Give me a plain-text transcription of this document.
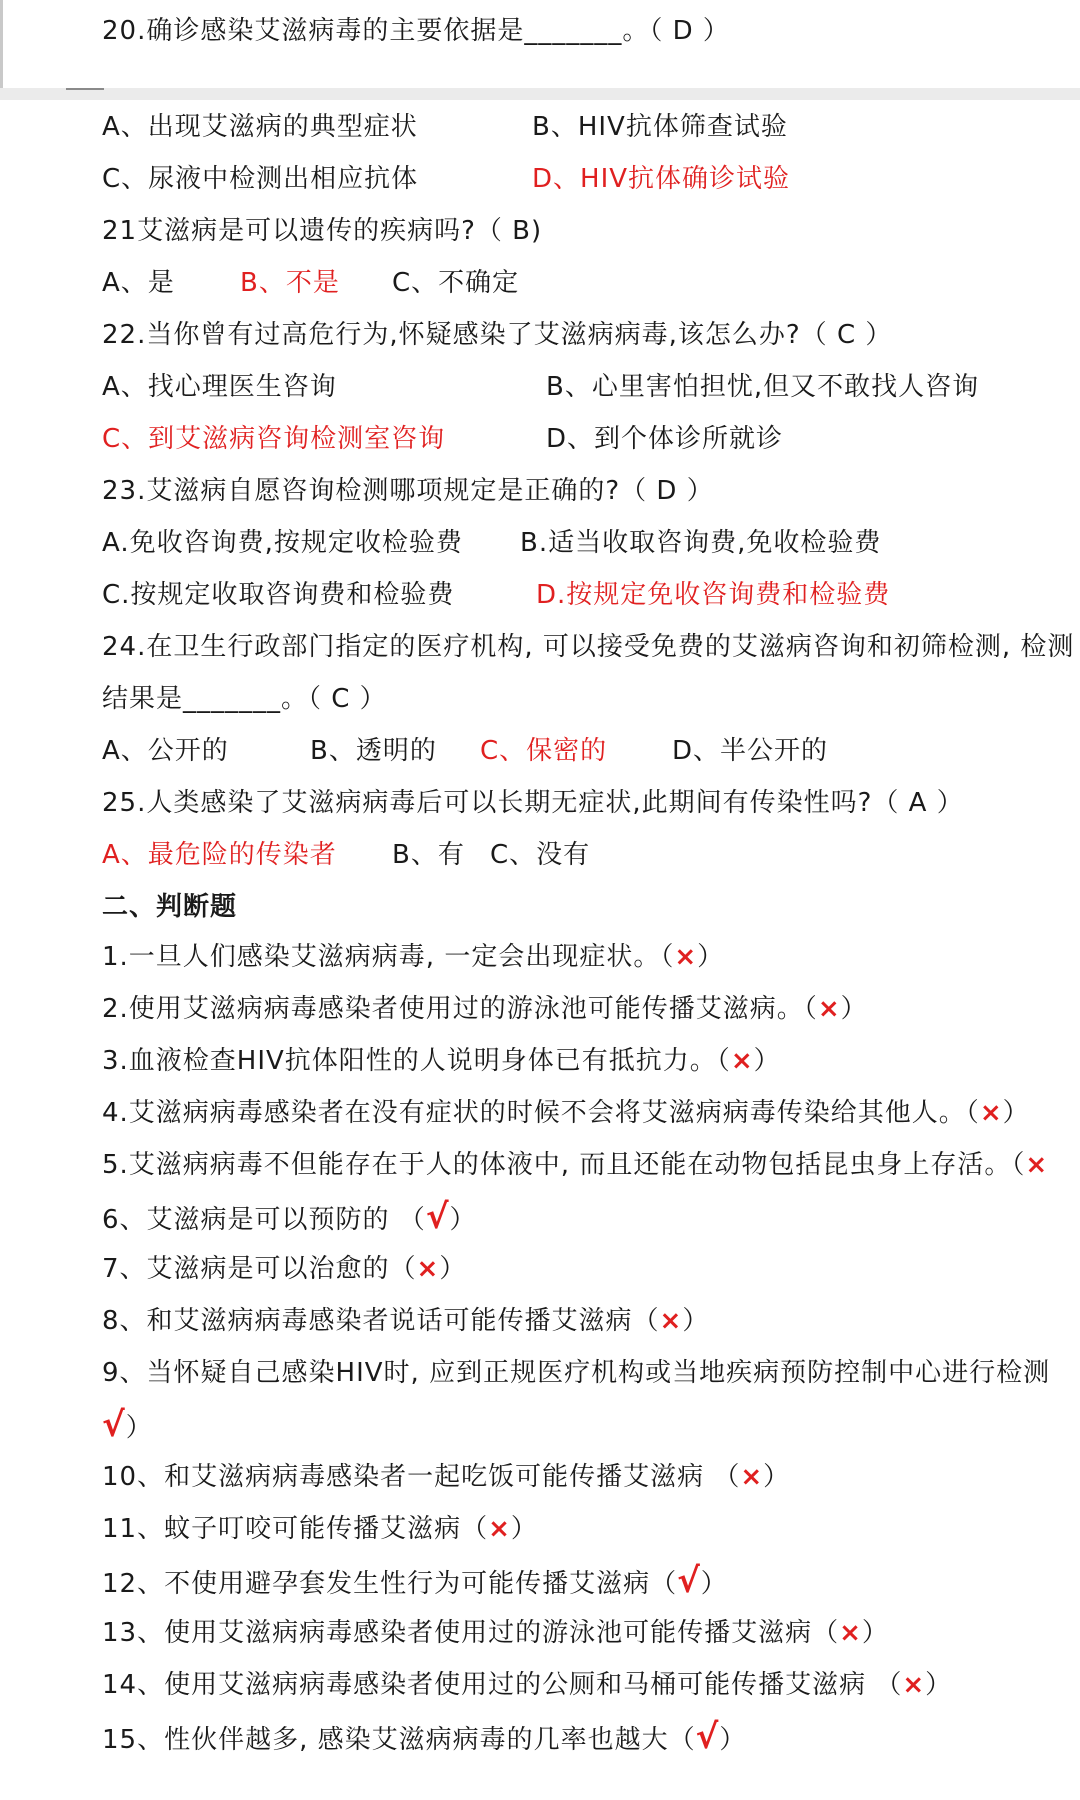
20.确诊感染艾滋病毒的主要依据是_______。（ D ）
A、出现艾滋病的典型症状	B、HIV抗体筛查试验
C、尿液中检测出相应抗体	D、HIV抗体确诊试验
21艾滋病是可以遗传的疾病吗?（ B)
A、是	B、不是 C、不确定
22.当你曾有过高危行为,怀疑感染了艾滋病病毒,该怎么办?（ C ）
A、找心理医生咨询	B、心里害怕担忧,但又不敢找人咨询
C、到艾滋病咨询检测室咨询	D、到个体诊所就诊
23.艾滋病自愿咨询检测哪项规定是正确的?（ D ）
A.免收咨询费,按规定收检验费 B.适当收取咨询费,免收检验费
C.按规定收取咨询费和检验费	D.按规定免收咨询费和检验费
24.在卫生行政部门指定的医疗机构, 可以接受免费的艾滋病咨询和初筛检测, 检测
结果是_______。（ C ）
A、公开的	B、透明的 C、保密的 D、半公开的
25.人类感染了艾滋病病毒后可以长期无症状,此期间有传染性吗?（ A ）
A、最危险的传染者 B、有 C、没有
二、判断题
1.一旦人们感染艾滋病病毒, 一定会出现症状。（×）
2.使用艾滋病病毒感染者使用过的游泳池可能传播艾滋病。（×）
3.血液检查HIV抗体阳性的人说明身体已有抵抗力。（×）
4.艾滋病病毒感染者在没有症状的时候不会将艾滋病病毒传染给其他人。（×）
5.艾滋病病毒不但能存在于人的体液中, 而且还能在动物包括昆虫身上存活。（×
6、艾滋病是可以预防的 （√）
7、艾滋病是可以治愈的（×）
8、和艾滋病病毒感染者说话可能传播艾滋病（×）
9、当怀疑自己感染HIV时, 应到正规医疗机构或当地疾病预防控制中心进行检测
√）
10、和艾滋病病毒感染者一起吃饭可能传播艾滋病 （×）
11、蚊子叮咬可能传播艾滋病（×）
12、不使用避孕套发生性行为可能传播艾滋病（√）
13、使用艾滋病病毒感染者使用过的游泳池可能传播艾滋病（×）
14、使用艾滋病病毒感染者使用过的公厕和马桶可能传播艾滋病 （×）
15、性伙伴越多, 感染艾滋病病毒的几率也越大（√）
